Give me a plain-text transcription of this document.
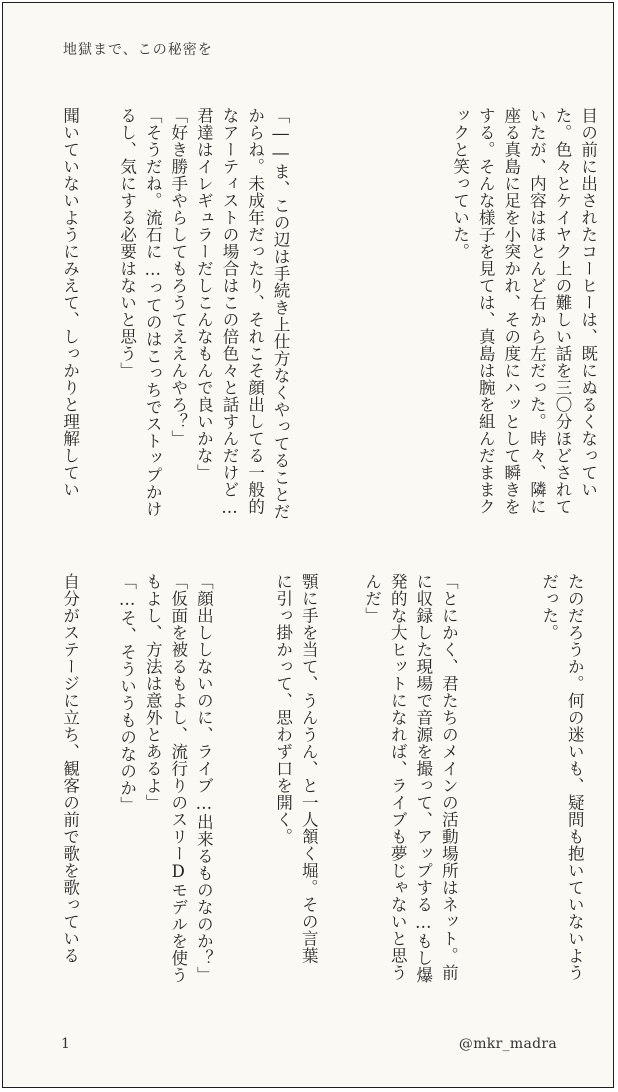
地獄まで、この秘密を
目の前に出されたコーヒーは、既にぬるくなってい
た。色々とケイヤク上の難しい話を三〇分ほどされて
いたが、内容はほとんど右から左だった。時々、隣に
座る真島に足を小突かれ、その度にハッとして瞬きを
する。そんな様子を見ては、真島は腕を組んだままク
ックと笑っていた。
「――ま、この辺は手続き上仕方なくやってることだ
からね。未成年だったり、それこそ顔出してる一般的
なアーティストの場合はこの倍色々と話すんだけど…
君達はイレギュラーだしこんなもんで良いかな」
「好き勝手やらしてもろうてええんやろ？」
「そうだね。流石に…ってのはこっちでストップかけ
るし、気にする必要はないと思う」
聞いていないようにみえて、しっかりと理解してい
たのだろうか。何の迷いも、疑問も抱いていないよう
だった。
「とにかく、君たちのメインの活動場所はネット。前
に収録した現場で音源を撮って、アップする…もし爆
発的な大ヒットになれば、ライブも夢じゃないと思う
んだ」
顎に手を当て、うんうん、と一人頷く堀。その言葉
に引っ掛かって、思わず口を開く。
「顔出ししないのに、ライブ…出来るものなのか？」
「仮面を被るもよし、流行りのスリーDモデルを使う
もよし、方法は意外とあるよ」
「…そ、そういうものなのか」
自分がステージに立ち、観客の前で歌を歌っている
1	@mkr_madra
